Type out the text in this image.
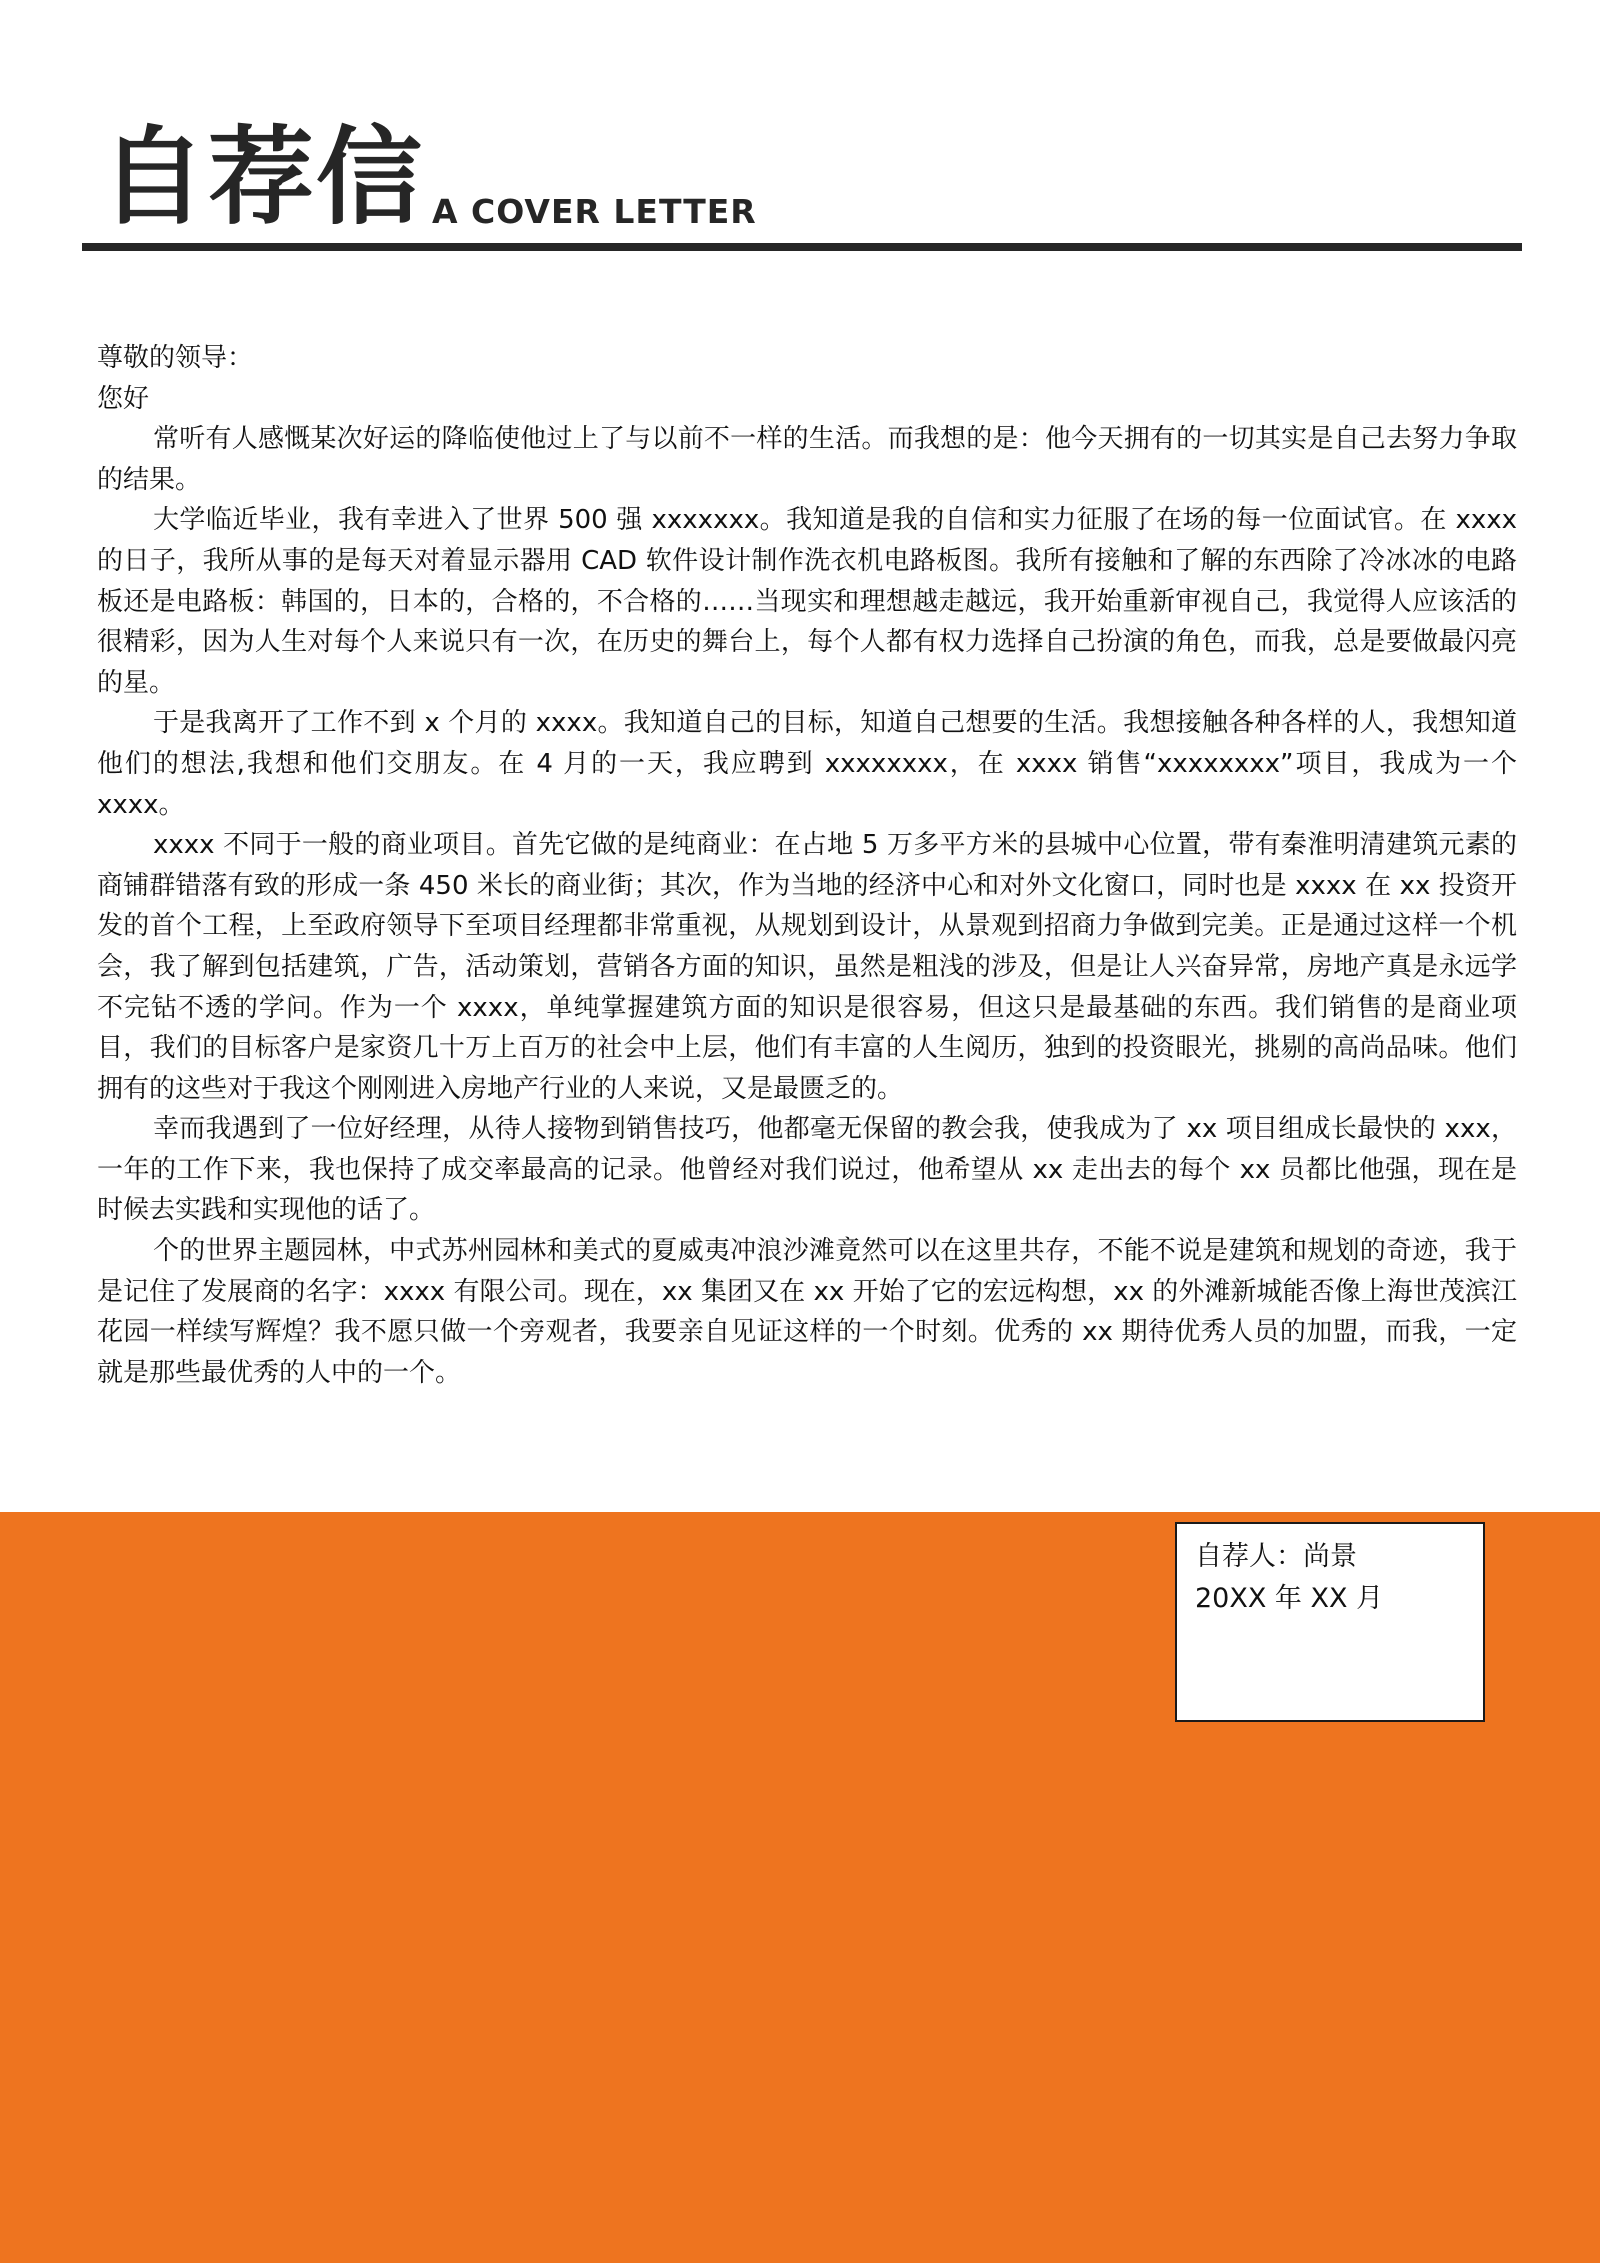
自荐信 A COVER LETTER

尊敬的领导：

您好

常听有人感慨某次好运的降临使他过上了与以前不一样的生活。而我想的是：他今天拥有的一切其实是自己去努力争取的结果。

大学临近毕业，我有幸进入了世界 500 强 xxxxxxx。我知道是我的自信和实力征服了在场的每一位面试官。在 xxxx 的日子，我所从事的是每天对着显示器用 CAD 软件设计制作洗衣机电路板图。我所有接触和了解的东西除了冷冰冰的电路板还是电路板：韩国的，日本的，合格的，不合格的……当现实和理想越走越远，我开始重新审视自己，我觉得人应该活的很精彩，因为人生对每个人来说只有一次，在历史的舞台上，每个人都有权力选择自己扮演的角色，而我，总是要做最闪亮的星。

于是我离开了工作不到 x 个月的 xxxx。我知道自己的目标，知道自己想要的生活。我想接触各种各样的人，我想知道他们的想法,我想和他们交朋友。在 4 月的一天，我应聘到 xxxxxxxx，在 xxxx 销售“xxxxxxxx”项目，我成为一个 xxxx。

xxxx 不同于一般的商业项目。首先它做的是纯商业：在占地 5 万多平方米的县城中心位置，带有秦淮明清建筑元素的商铺群错落有致的形成一条 450 米长的商业街；其次，作为当地的经济中心和对外文化窗口，同时也是 xxxx 在 xx 投资开发的首个工程，上至政府领导下至项目经理都非常重视，从规划到设计，从景观到招商力争做到完美。正是通过这样一个机会，我了解到包括建筑，广告，活动策划，营销各方面的知识，虽然是粗浅的涉及，但是让人兴奋异常，房地产真是永远学不完钻不透的学问。作为一个 xxxx，单纯掌握建筑方面的知识是很容易，但这只是最基础的东西。我们销售的是商业项目，我们的目标客户是家资几十万上百万的社会中上层，他们有丰富的人生阅历，独到的投资眼光，挑剔的高尚品味。他们拥有的这些对于我这个刚刚进入房地产行业的人来说，又是最匮乏的。

幸而我遇到了一位好经理，从待人接物到销售技巧，他都毫无保留的教会我，使我成为了 xx 项目组成长最快的 xxx，一年的工作下来，我也保持了成交率最高的记录。他曾经对我们说过，他希望从 xx 走出去的每个 xx 员都比他强，现在是时候去实践和实现他的话了。

个的世界主题园林，中式苏州园林和美式的夏威夷冲浪沙滩竟然可以在这里共存，不能不说是建筑和规划的奇迹，我于是记住了发展商的名字：xxxx 有限公司。现在，xx 集团又在 xx 开始了它的宏远构想，xx 的外滩新城能否像上海世茂滨江花园一样续写辉煌？我不愿只做一个旁观者，我要亲自见证这样的一个时刻。优秀的 xx 期待优秀人员的加盟，而我，一定就是那些最优秀的人中的一个。

自荐人：尚景
20XX 年 XX 月
